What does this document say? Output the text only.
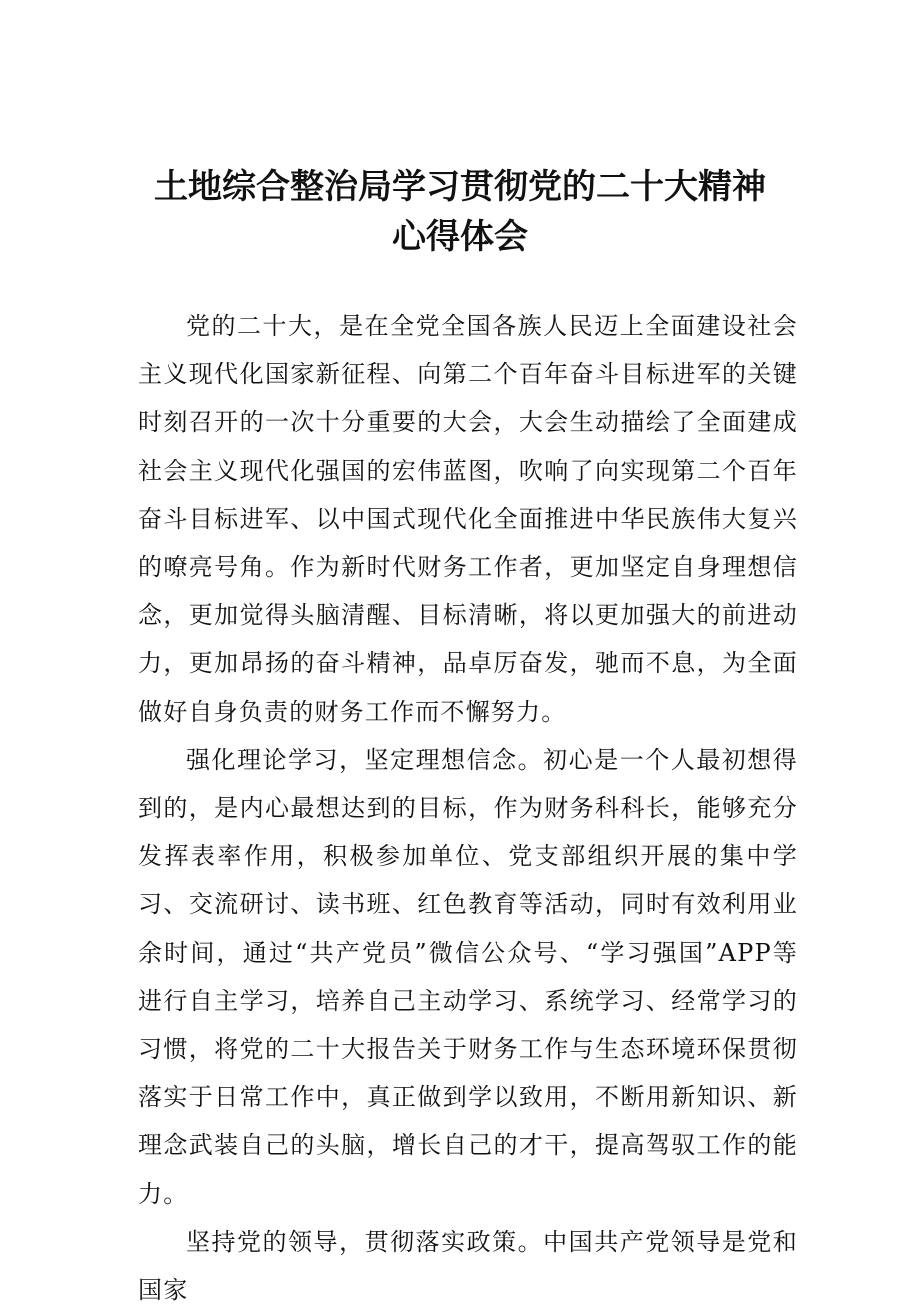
土地综合整治局学习贯彻党的二十大精神
心得体会

党的二十大，是在全党全国各族人民迈上全面建设社会主义现代化国家新征程、向第二个百年奋斗目标进军的关键时刻召开的一次十分重要的大会，大会生动描绘了全面建成社会主义现代化强国的宏伟蓝图，吹响了向实现第二个百年奋斗目标进军、以中国式现代化全面推进中华民族伟大复兴的嘹亮号角。作为新时代财务工作者，更加坚定自身理想信念，更加觉得头脑清醒、目标清晰，将以更加强大的前进动力，更加昂扬的奋斗精神，品卓厉奋发，驰而不息，为全面做好自身负责的财务工作而不懈努力。

强化理论学习，坚定理想信念。初心是一个人最初想得到的，是内心最想达到的目标，作为财务科科长，能够充分发挥表率作用，积极参加单位、党支部组织开展的集中学习、交流研讨、读书班、红色教育等活动，同时有效利用业余时间，通过“共产党员”微信公众号、“学习强国”APP等进行自主学习，培养自己主动学习、系统学习、经常学习的习惯，将党的二十大报告关于财务工作与生态环境环保贯彻落实于日常工作中，真正做到学以致用，不断用新知识、新理念武装自己的头脑，增长自己的才干，提高驾驭工作的能力。

坚持党的领导，贯彻落实政策。中国共产党领导是党和国家
